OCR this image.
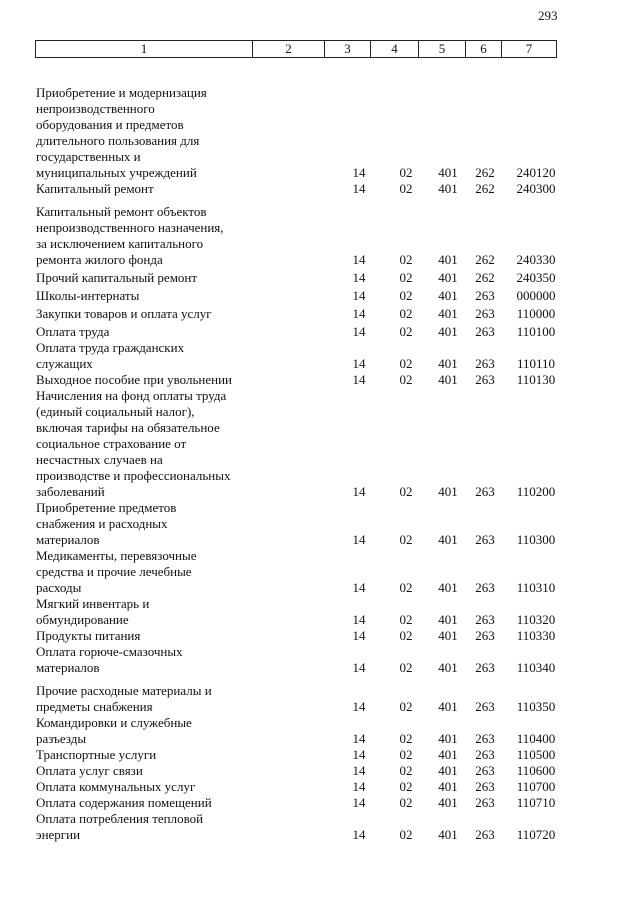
293
1	2	3	4	5	6	7
Приобретение и модернизация
непроизводственного
оборудования и предметов
длительного пользования для
государственных и
муниципальных учреждений	14	02	401	262	240120
Капитальный ремонт	14	02	401	262	240300
Капитальный ремонт объектов
непроизводственного назначения,
за исключением капитального
ремонта жилого фонда	14	02	401	262	240330
Прочий капитальный ремонт	14	02	401	262	240350
Школы-интернаты	14	02	401	263	000000
Закупки товаров и оплата услуг	14	02	401	263	110000
Оплата труда	14	02	401	263	110100
Оплата труда гражданских
служащих	14	02	401	263	110110
Выходное пособие при увольнении	14	02	401	263	110130
Начисления на фонд оплаты труда
(единый социальный налог),
включая тарифы на обязательное
социальное страхование от
несчастных случаев на
производстве и профессиональных
заболеваний	14	02	401	263	110200
Приобретение предметов
снабжения и расходных
материалов	14	02	401	263	110300
Медикаменты, перевязочные
средства и прочие лечебные
расходы	14	02	401	263	110310
Мягкий инвентарь и
обмундирование	14	02	401	263	110320
Продукты питания	14	02	401	263	110330
Оплата горюче-смазочных
материалов	14	02	401	263	110340
Прочие расходные материалы и
предметы снабжения	14	02	401	263	110350
Командировки и служебные
разъезды	14	02	401	263	110400
Транспортные услуги	14	02	401	263	110500
Оплата услуг связи	14	02	401	263	110600
Оплата коммунальных услуг	14	02	401	263	110700
Оплата содержания помещений	14	02	401	263	110710
Оплата потребления тепловой
энергии	14	02	401	263	110720
